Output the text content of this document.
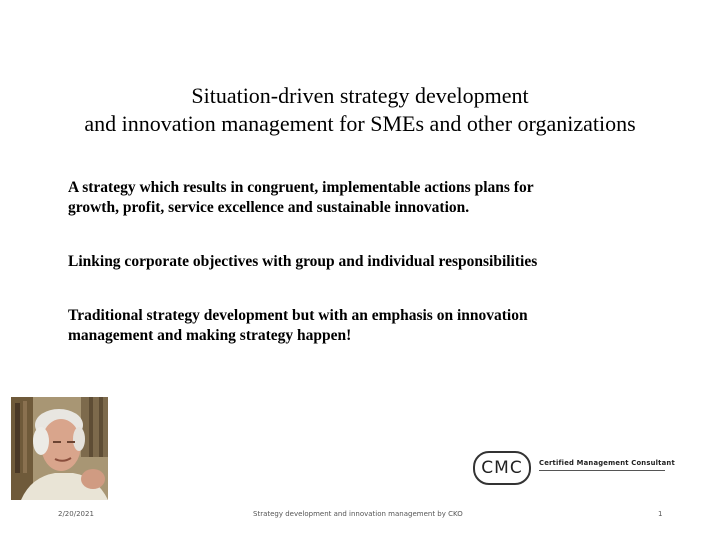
Situation-driven strategy development
and innovation management for SMEs and other organizations
A strategy which results in congruent, implementable actions plans for
growth, profit, service excellence and sustainable innovation.
Linking corporate objectives with group and individual responsibilities
Traditional strategy development but with an emphasis on innovation
management and making strategy happen!
CMC	Certified Management Consultant
2/20/2021	Strategy development and innovation management by CKO	1
